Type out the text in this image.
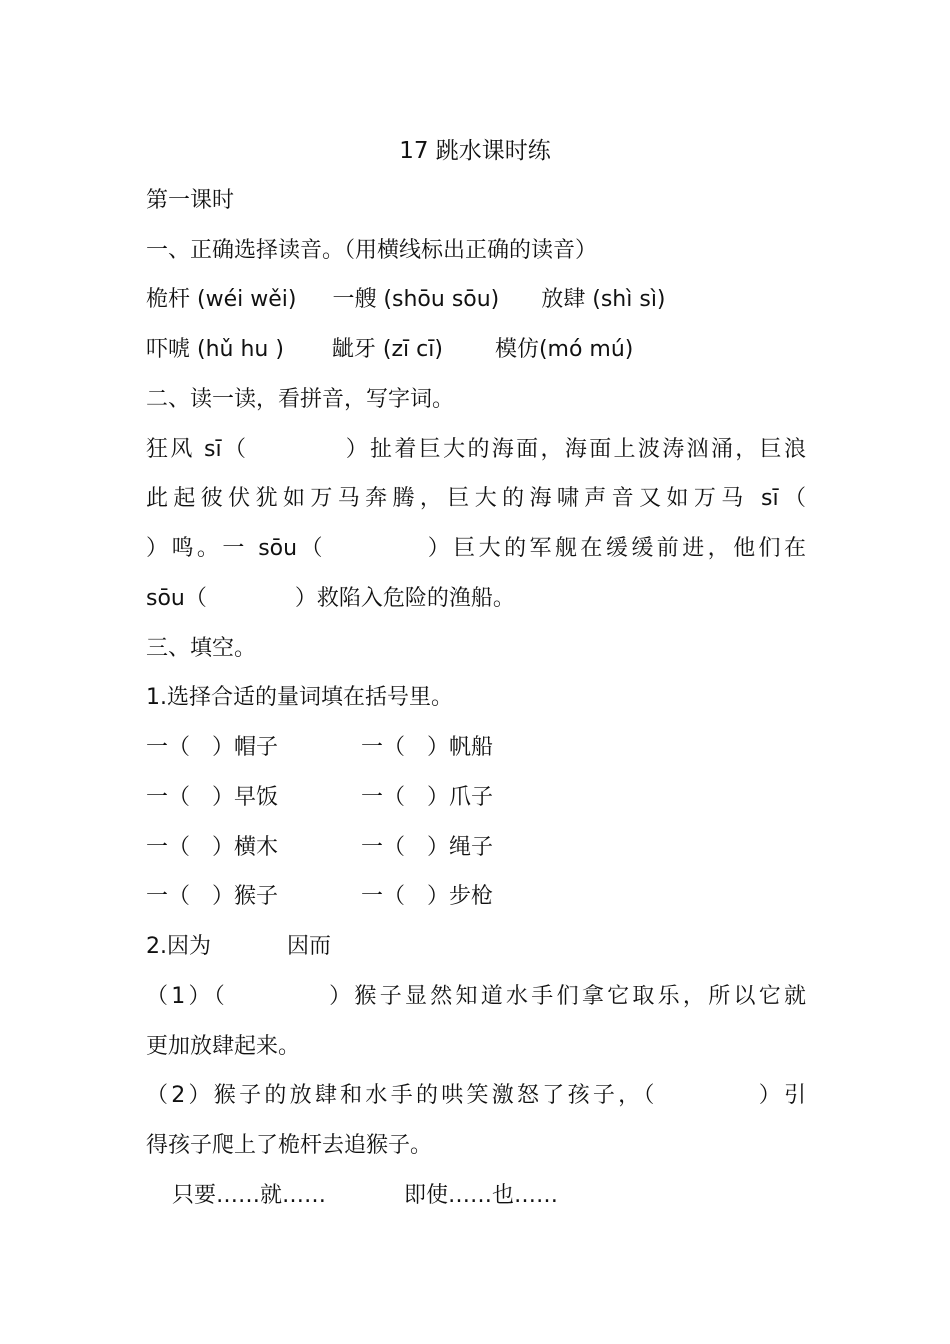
17 跳水课时练
第一课时
一、正确选择读音。（用横线标出正确的读音）
桅杆 (wéi wěi) 一艘 (shōu sōu) 放肆 (shì sì)
吓唬 (hǔ hu ) 龇牙 (zī cī) 模仿(mó mú)
二、读一读，看拼音，写字词。
狂风 sī（　　　　）扯着巨大的海面，海面上波涛汹涌，巨浪
此起彼伏犹如万马奔腾，巨大的海啸声音又如万马 sī（
）鸣。一 sōu（　　　　）巨大的军舰在缓缓前进，他们在
sōu（　　　　）救陷入危险的渔船。
三、填空。
1.选择合适的量词填在括号里。
一（　）帽子	一（　）帆船
一（　）早饭	一（　）爪子
一（　）横木	一（　）绳子
一（　）猴子	一（　）步枪
2.因为	因而
（1）（　　　　）猴子显然知道水手们拿它取乐，所以它就
更加放肆起来。
（2）猴子的放肆和水手的哄笑激怒了孩子，（　　　　）引
得孩子爬上了桅杆去追猴子。
只要……就……	即使……也……
